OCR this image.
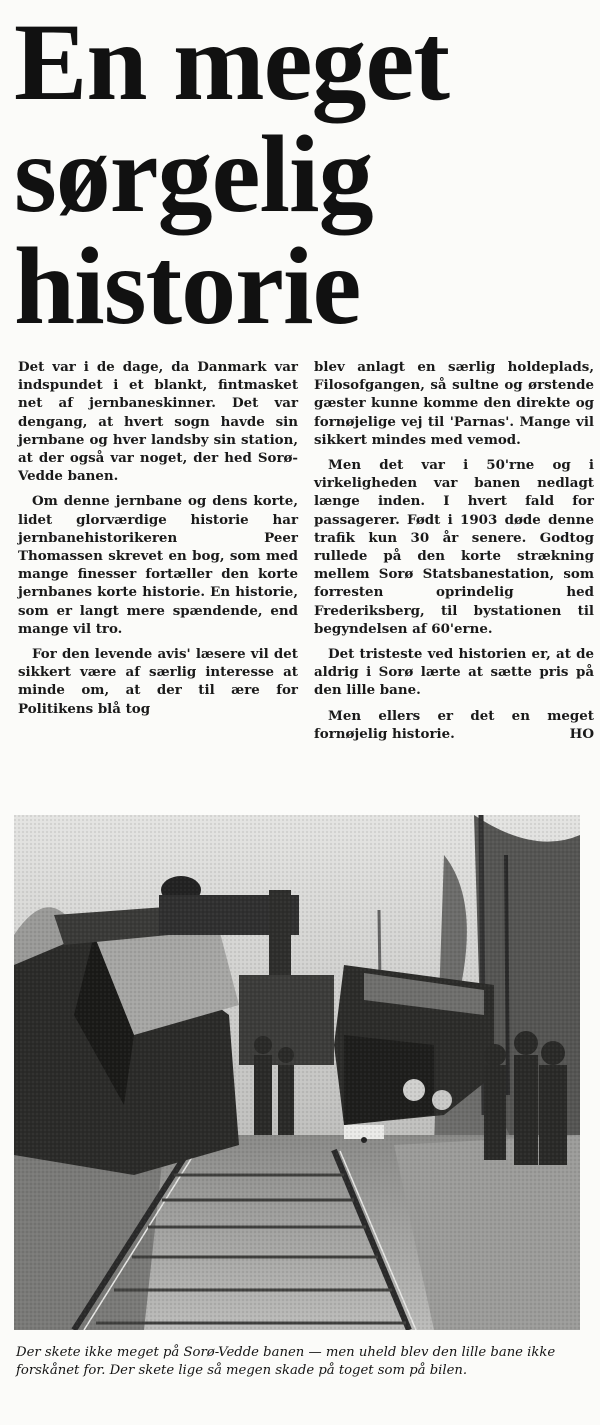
En meget
sørgelig
historie

Det var i de dage, da Danmark var indspundet i et blankt, fintmasket net af jernbaneskinner. Det var dengang, at hvert sogn havde sin jernbane og hver landsby sin station, at der også var noget, der hed Sorø-Vedde banen.

Om denne jernbane og dens korte, lidet glorværdige historie har jernbanehistorikeren Peer Thomassen skrevet en bog, som med mange finesser fortæller den korte jernbanes korte historie. En historie, som er langt mere spændende, end mange vil tro.

For den levende avis' læsere vil det sikkert være af særlig interesse at minde om, at der til ære for Politikens blå tog

blev anlagt en særlig holdeplads, Filosofgangen, så sultne og ørstende gæster kunne komme den direkte og fornøjelige vej til 'Parnas'. Mange vil sikkert mindes med vemod.

Men det var i 50'rne og i virkeligheden var banen nedlagt længe inden. I hvert fald for passagerer. Født i 1903 døde denne trafik kun 30 år senere. Godtog rullede på den korte strækning mellem Sorø Statsbanestation, som forresten oprindelig hed Frederiksberg, til bystationen til begyndelsen af 60'erne.

Det tristeste ved historien er, at de aldrig i Sorø lærte at sætte pris på den lille bane.

Men ellers er det en meget fornøjelig historie.	HO

Der skete ikke meget på Sorø-Vedde banen — men uheld blev den lille bane ikke forskånet for. Der skete lige så megen skade på toget som på bilen.
